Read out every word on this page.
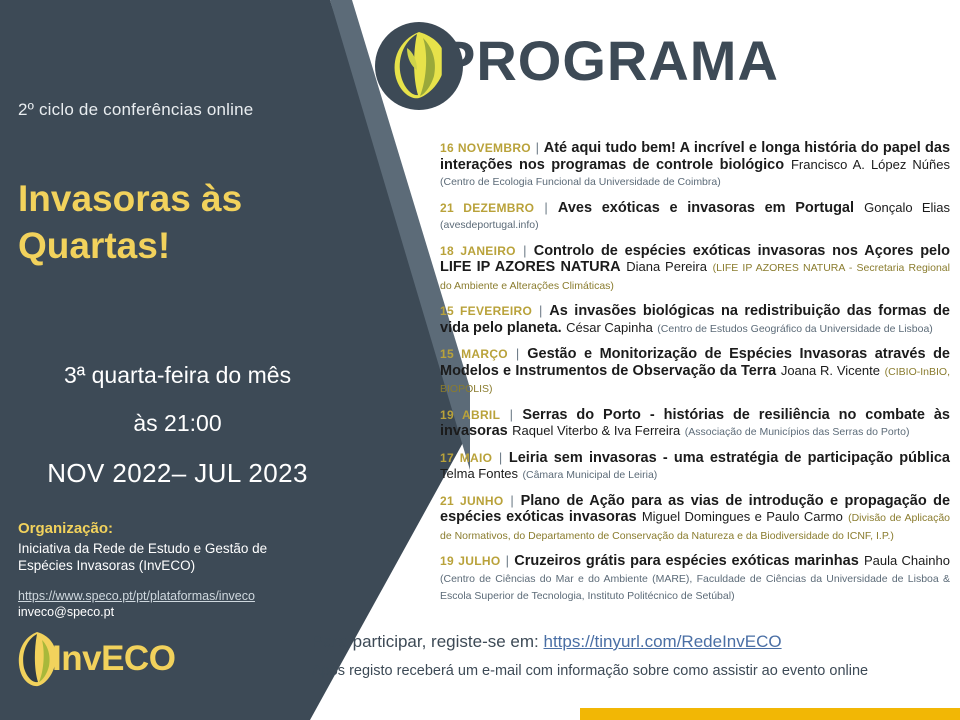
2º ciclo de conferências online
Invasoras às
Quartas!
3ª quarta-feira do mês
às 21:00
NOV 2022– JUL 2023
Organização:
Iniciativa da Rede de Estudo e Gestão de
Espécies Invasoras (InvECO)
https://www.speco.pt/pt/plataformas/inveco
inveco@speco.pt
InvECO
PROGRAMA
16 NOVEMBRO | Até aqui tudo bem! A incrível e longa história do papel das interações nos programas de controle biológico Francisco A. López Núñes (Centro de Ecologia Funcional da Universidade de Coimbra)
21 DEZEMBRO | Aves exóticas e invasoras em Portugal Gonçalo Elias (avesdeportugal.info)
18 JANEIRO | Controlo de espécies exóticas invasoras nos Açores pelo LIFE IP AZORES NATURA Diana Pereira (LIFE IP AZORES NATURA - Secretaria Regional do Ambiente e Alterações Climáticas)
15 FEVEREIRO | As invasões biológicas na redistribuição das formas de vida pelo planeta. César Capinha (Centro de Estudos Geográfico da Universidade de Lisboa)
15 MARÇO | Gestão e Monitorização de Espécies Invasoras através de Modelos e Instrumentos de Observação da Terra Joana R. Vicente (CIBIO-InBIO, BIOPOLIS)
19 ABRIL | Serras do Porto - histórias de resiliência no combate às invasoras Raquel Viterbo & Iva Ferreira (Associação de Municípios das Serras do Porto)
17 MAIO | Leiria sem invasoras - uma estratégia de participação pública Telma Fontes (Câmara Municipal de Leiria)
21 JUNHO | Plano de Ação para as vias de introdução e propagação de espécies exóticas invasoras Miguel Domingues e Paulo Carmo (Divisão de Aplicação de Normativos, do Departamento de Conservação da Natureza e da Biodiversidade do ICNF, I.P.)
19 JULHO | Cruzeiros grátis para espécies exóticas marinhas Paula Chainho (Centro de Ciências do Mar e do Ambiente (MARE), Faculdade de Ciências da Universidade de Lisboa & Escola Superior de Tecnologia, Instituto Politécnico de Setúbal)
Para participar, registe-se em: https://tinyurl.com/RedeInvECO
Após registo receberá um e-mail com informação sobre como assistir ao evento online
